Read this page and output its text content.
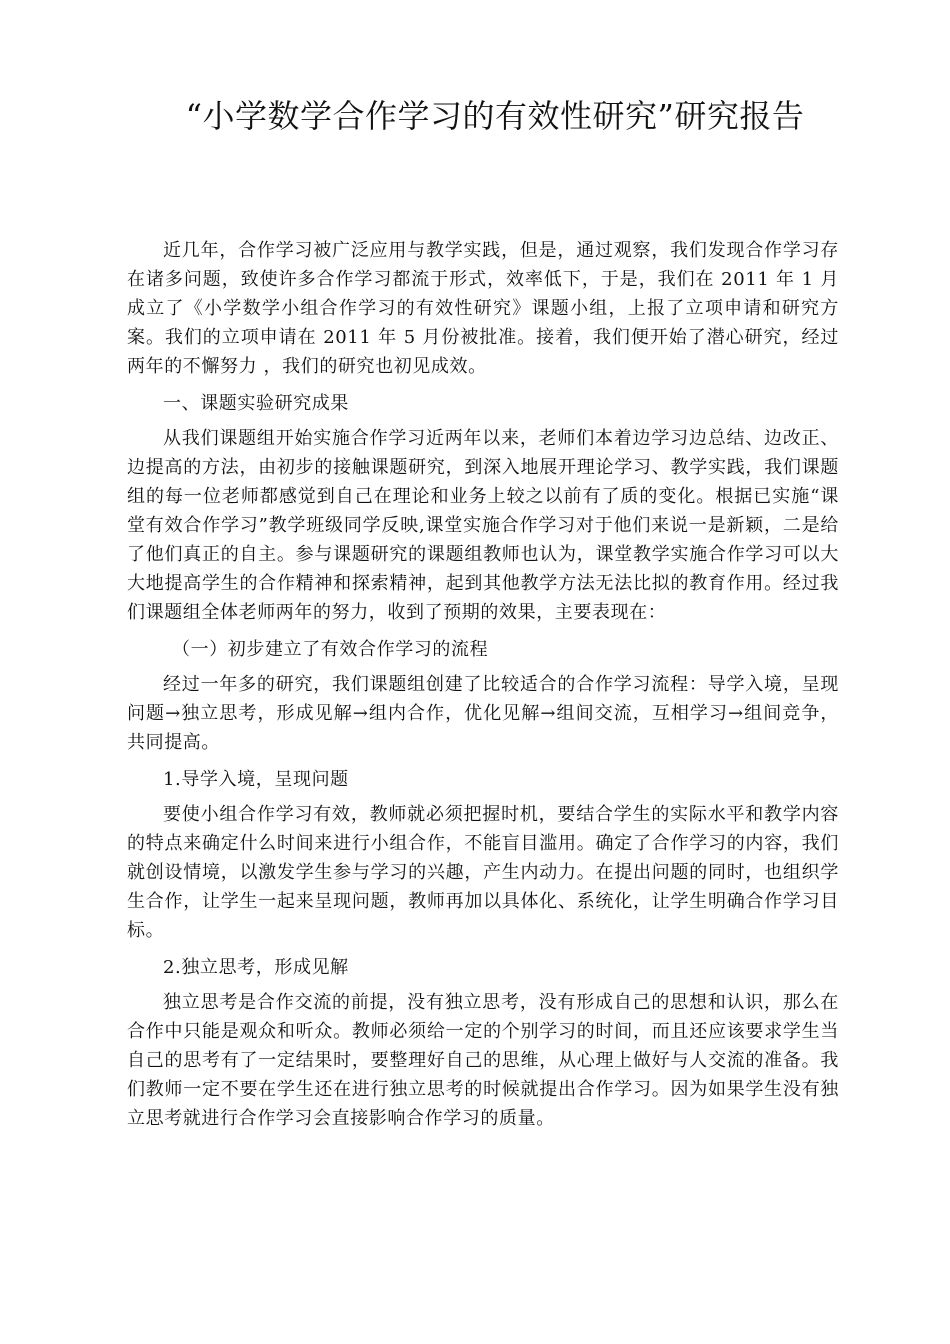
“小学数学合作学习的有效性研究”研究报告

近几年，合作学习被广泛应用与教学实践，但是，通过观察，我们发现合作学习存在诸多问题，致使许多合作学习都流于形式，效率低下，于是，我们在 2011 年 1 月成立了《小学数学小组合作学习的有效性研究》课题小组，上报了立项申请和研究方案。我们的立项申请在 2011 年 5 月份被批准。接着，我们便开始了潜心研究，经过两年的不懈努力 ，我们的研究也初见成效。

一、课题实验研究成果

从我们课题组开始实施合作学习近两年以来，老师们本着边学习边总结、边改正、边提高的方法，由初步的接触课题研究，到深入地展开理论学习、教学实践，我们课题组的每一位老师都感觉到自己在理论和业务上较之以前有了质的变化。根据已实施“课堂有效合作学习”教学班级同学反映,课堂实施合作学习对于他们来说一是新颖，二是给了他们真正的自主。参与课题研究的课题组教师也认为，课堂教学实施合作学习可以大大地提高学生的合作精神和探索精神，起到其他教学方法无法比拟的教育作用。经过我们课题组全体老师两年的努力，收到了预期的效果，主要表现在：

（一）初步建立了有效合作学习的流程

经过一年多的研究，我们课题组创建了比较适合的合作学习流程：导学入境，呈现问题→独立思考，形成见解→组内合作，优化见解→组间交流，互相学习→组间竞争，共同提高。

1.导学入境，呈现问题

要使小组合作学习有效，教师就必须把握时机，要结合学生的实际水平和教学内容的特点来确定什么时间来进行小组合作，不能盲目滥用。确定了合作学习的内容，我们就创设情境，以激发学生参与学习的兴趣，产生内动力。在提出问题的同时，也组织学生合作，让学生一起来呈现问题，教师再加以具体化、系统化，让学生明确合作学习目标。

2.独立思考，形成见解

独立思考是合作交流的前提，没有独立思考，没有形成自己的思想和认识，那么在合作中只能是观众和听众。教师必须给一定的个别学习的时间，而且还应该要求学生当自己的思考有了一定结果时，要整理好自己的思维，从心理上做好与人交流的准备。我们教师一定不要在学生还在进行独立思考的时候就提出合作学习。因为如果学生没有独立思考就进行合作学习会直接影响合作学习的质量。
